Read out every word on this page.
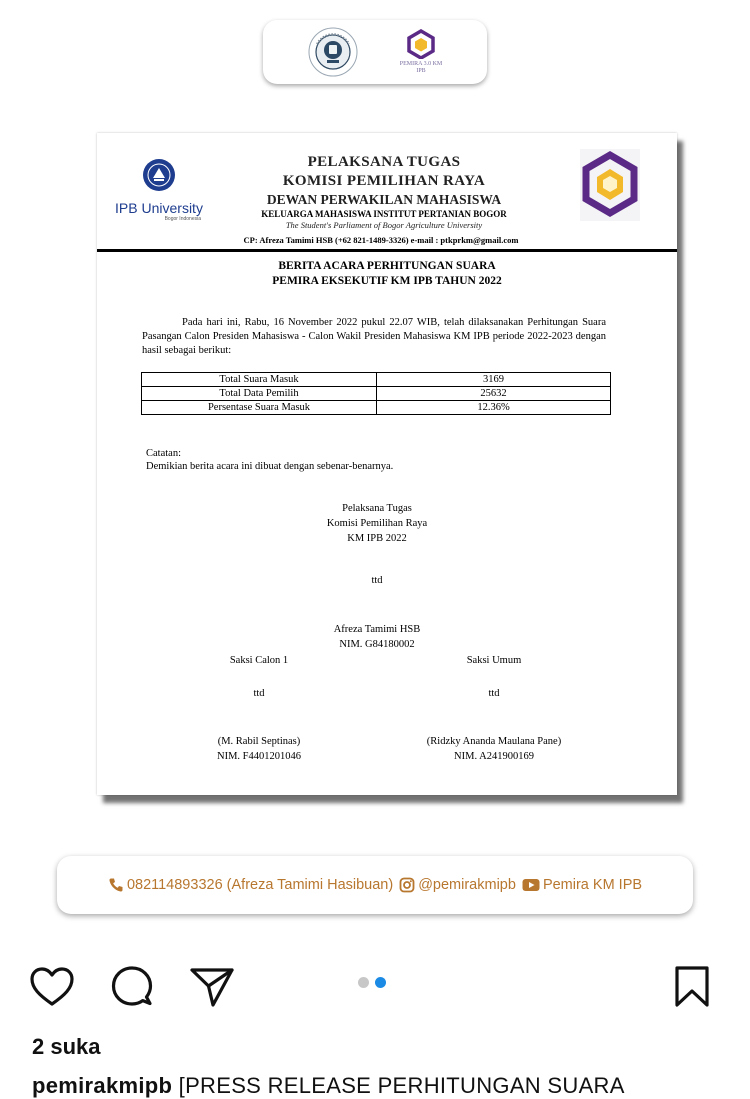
PEMIRA 3.0 KM IPB
IPB University
Bogor Indonesia
PELAKSANA TUGAS
KOMISI PEMILIHAN RAYA
DEWAN PERWAKILAN MAHASISWA
KELUARGA MAHASISWA INSTITUT PERTANIAN BOGOR
The Student's Parliament of Bogor Agriculture University
CP: Afreza Tamimi HSB (+62 821-1489-3326) e-mail : ptkprkm@gmail.com
BERITA ACARA PERHITUNGAN SUARA
PEMIRA EKSEKUTIF KM IPB TAHUN 2022
Pada hari ini, Rabu, 16 November 2022 pukul 22.07 WIB, telah dilaksanakan Perhitungan Suara Pasangan Calon Presiden Mahasiswa - Calon Wakil Presiden Mahasiswa KM IPB periode 2022-2023 dengan hasil sebagai berikut:
Total Suara Masuk	3169
Total Data Pemilih	25632
Persentase Suara Masuk	12.36%
Catatan:
Demikian berita acara ini dibuat dengan sebenar-benarnya.
Pelaksana Tugas
Komisi Pemilihan Raya
KM IPB 2022
ttd
Afreza Tamimi HSB
NIM. G84180002
Saksi Calon 1	Saksi Umum
ttd	ttd
(M. Rabil Septinas)
NIM. F4401201046
(Ridzky Ananda Maulana Pane)
NIM. A241900169
082114893326 (Afreza Tamimi Hasibuan) @pemirakmipb Pemira KM IPB
2 suka
pemirakmipb [PRESS RELEASE PERHITUNGAN SUARA
